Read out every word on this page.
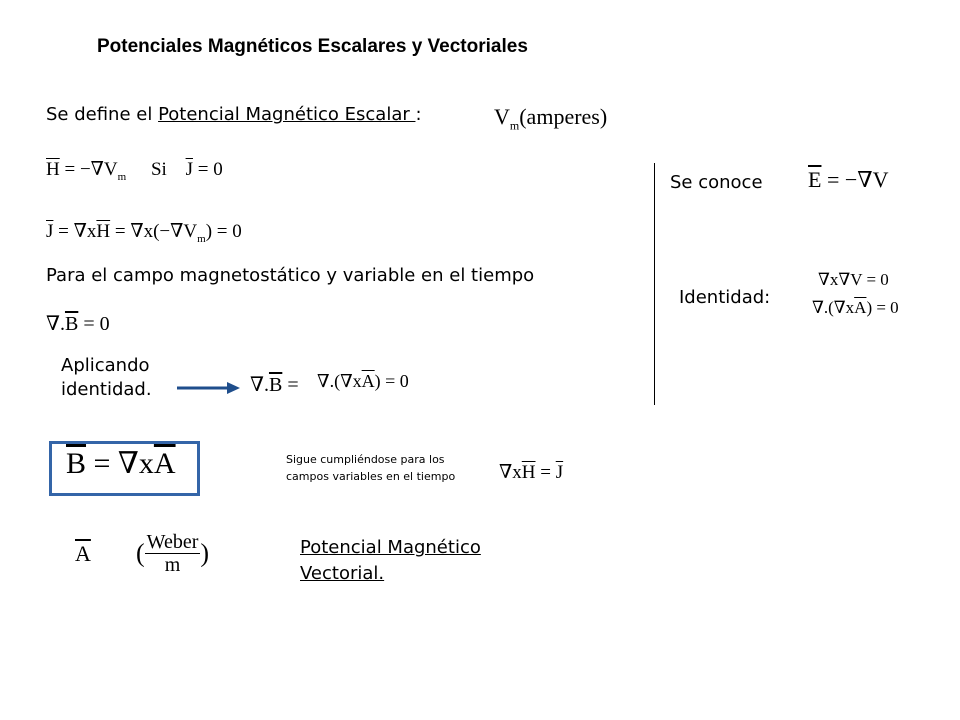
Potenciales Magnéticos Escalares y Vectoriales
Se define el Potencial Magnético Escalar :	$V_m(amperes)$
$\overline{H} = -\nabla V_m$ Si $\overline{J} = 0$
$\overline{J} = \nabla x\overline{H} = \nabla x(-\nabla V_m) = 0$
Para el campo magnetostático y variable en el tiempo
$\nabla.\overline{B} = 0$
Aplicando
identidad.	$\nabla.\overline{B} = \nabla.(\nabla x\overline{A}) = 0$
Se conoce $\overline{E} = -\nabla V$
Identidad:
∇x∇V = 0
$\nabla.(\nabla x\overline{A}) = 0$
$\overline{B} = \nabla x\overline{A}$	Sigue cumpliéndose para los
campos variables en el tiempo $\nabla x\overline{H} = \overline{J}$
$\overline{A}$ ( $\frac{\text{Weber}}{m}$ )	Potencial Magnético
Vectorial.
